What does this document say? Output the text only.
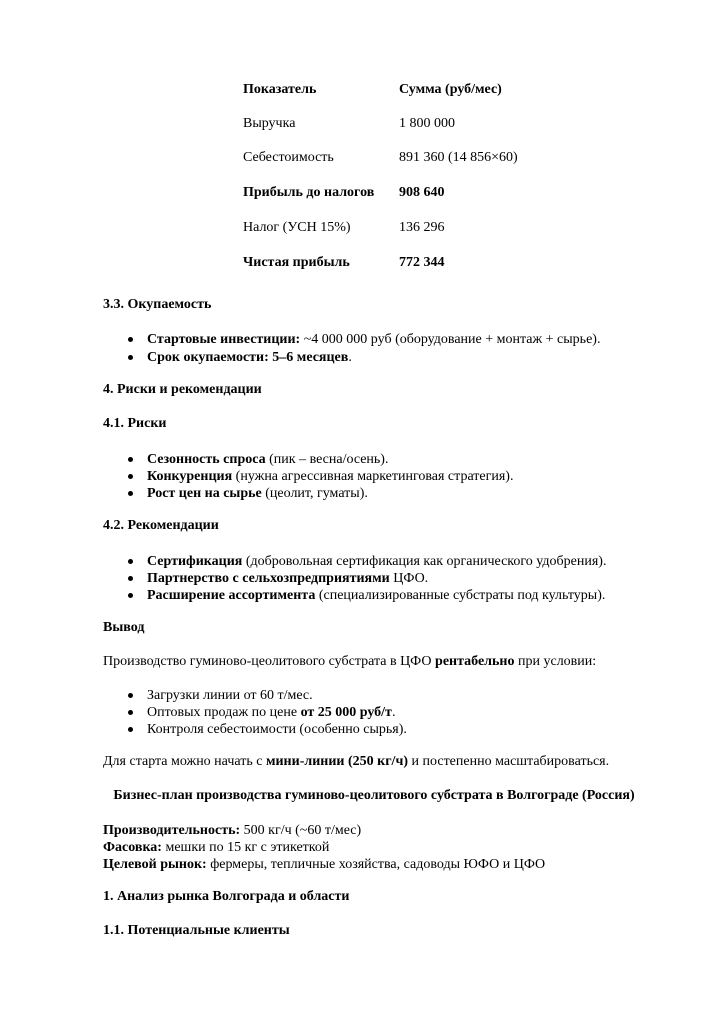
Показатель	Сумма (руб/мес)
Выручка	1 800 000
Себестоимость	891 360 (14 856×60)
Прибыль до налогов 908 640
Налог (УСН 15%)	136 296
Чистая прибыль	772 344
3.3. Окупаемость
Стартовые инвестиции: ~4 000 000 руб (оборудование + монтаж + сырье).
Срок окупаемости: 5–6 месяцев.
4. Риски и рекомендации
4.1. Риски
Сезонность спроса (пик – весна/осень).
Конкуренция (нужна агрессивная маркетинговая стратегия).
Рост цен на сырье (цеолит, гуматы).
4.2. Рекомендации
Сертификация (добровольная сертификация как органического удобрения).
Партнерство с сельхозпредприятиями ЦФО.
Расширение ассортимента (специализированные субстраты под культуры).
Вывод
Производство гуминово-цеолитового субстрата в ЦФО рентабельно при условии:
Загрузки линии от 60 т/мес.
Оптовых продаж по цене от 25 000 руб/т.
Контроля себестоимости (особенно сырья).
Для старта можно начать с мини-линии (250 кг/ч) и постепенно масштабироваться.
Бизнес-план производства гуминово-цеолитового субстрата в Волгограде (Россия)
Производительность: 500 кг/ч (~60 т/мес)
Фасовка: мешки по 15 кг с этикеткой
Целевой рынок: фермеры, тепличные хозяйства, садоводы ЮФО и ЦФО
1. Анализ рынка Волгограда и области
1.1. Потенциальные клиенты
